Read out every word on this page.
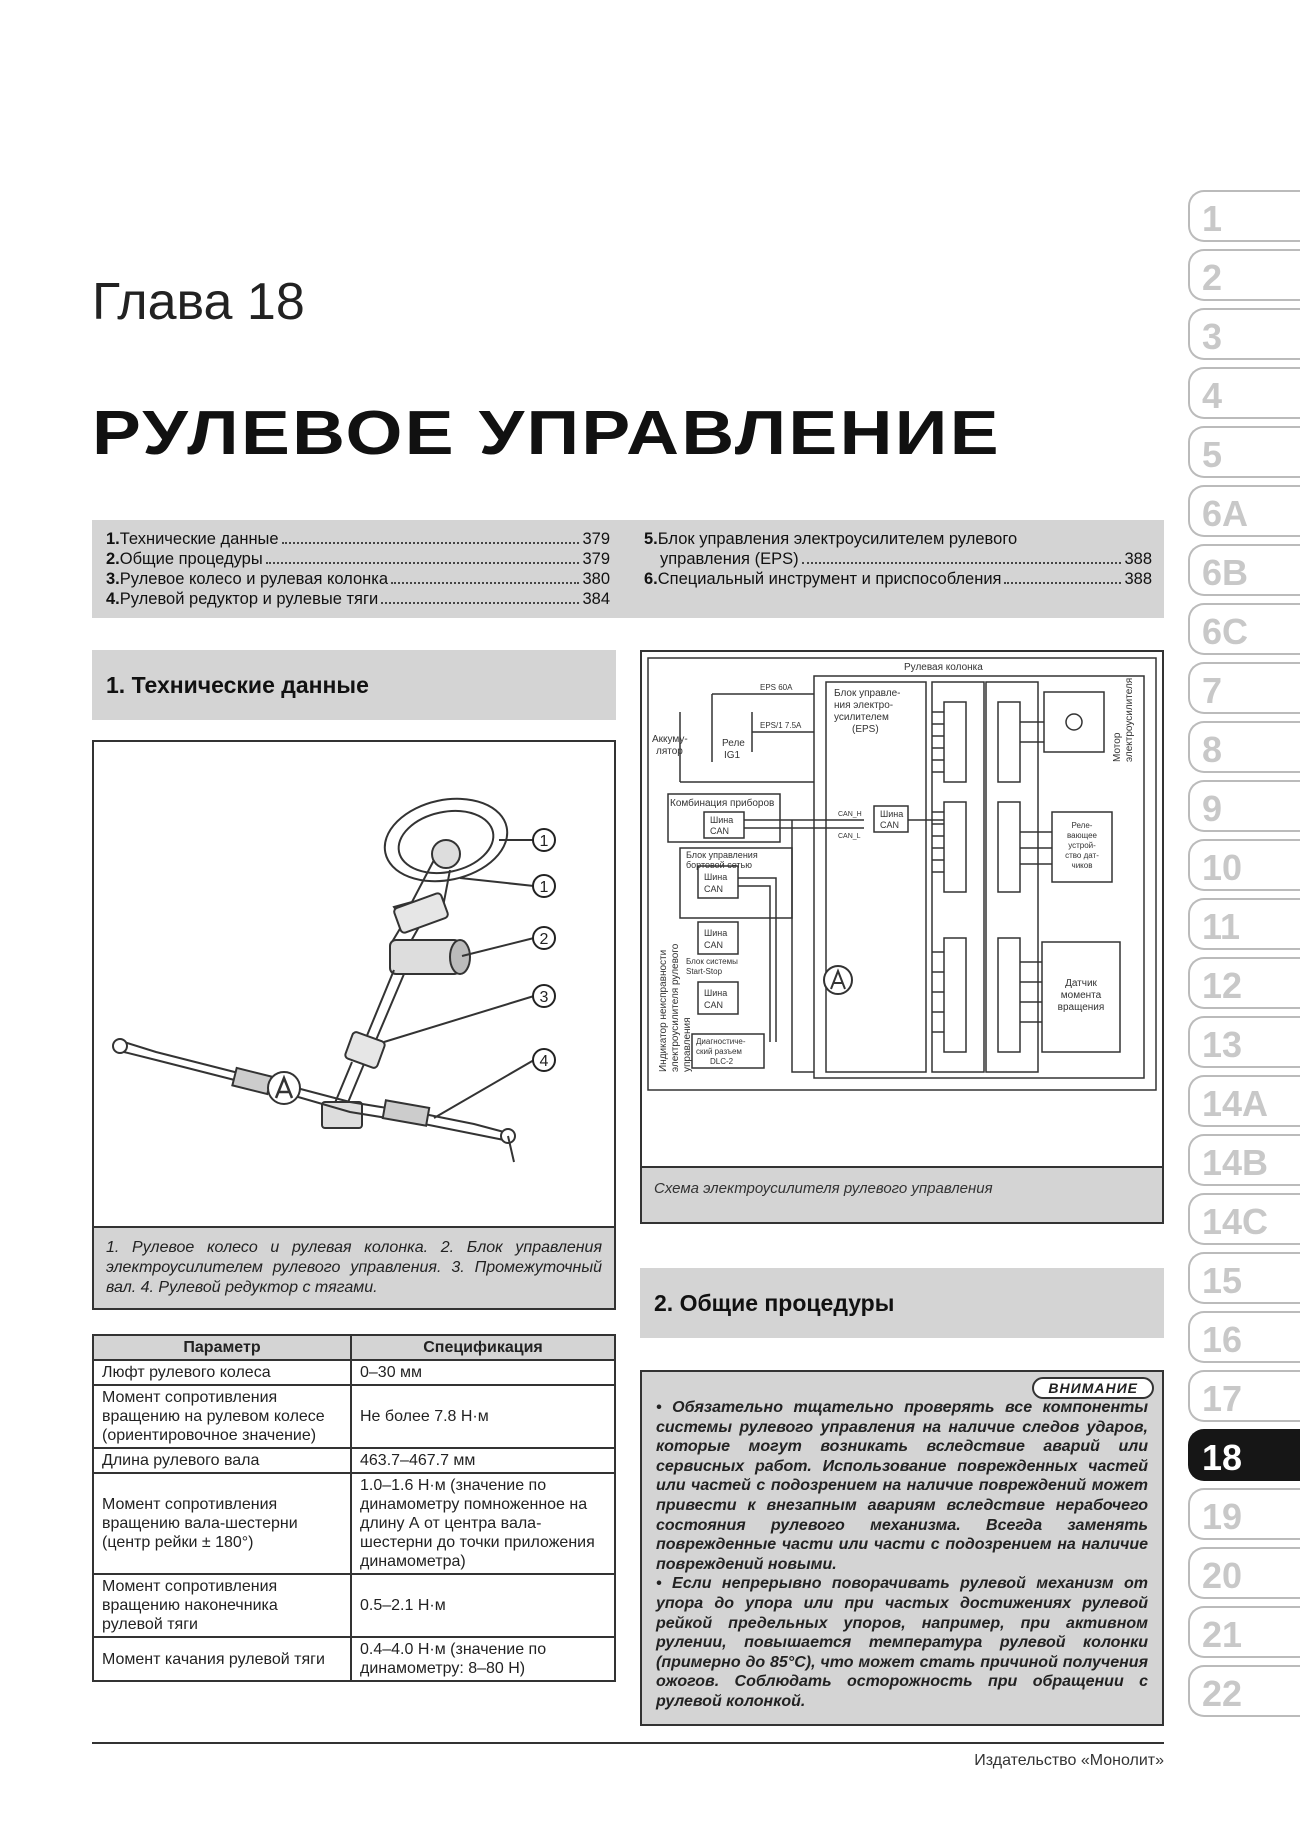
Глава 18
РУЛЕВОЕ УПРАВЛЕНИЕ
1. Технические данные	379
2. Общие процедуры	379
3. Рулевое колесо и рулевая колонка	380
4. Рулевой редуктор и рулевые тяги	384
5. Блок управления электроусилителем рулевого
управления (EPS)	388
6. Специальный инструмент и приспособления	388
1. Технические данные
1
1
2
3
4
1. Рулевое колесо и рулевая колонка. 2. Блок управления электроусилителем рулевого управления. 3. Промежуточный вал. 4. Рулевой редуктор с тягами.
Рулевая колонка
Блок управле-
ния электро-
усилителем
(EPS)
EPS 60A
EPS/1 7.5A
Аккуму-
лятор
Реле
IG1
Комбинация приборов
Шина
CAN
Шина
CAN
CAN_H
CAN_L
Блок управления
бортовой сетью
Шина
CAN
Шина
CAN
Блок системы
Start-Stop
Шина
CAN
Диагностиче-
ский разъем
DLC-2
Индикатор неисправности электроусилителя рулевого управления
Мотор электроусилителя
Реле-
вающее
устрой-
ство дат-
чиков
Датчик
момента
вращения
Схема электроусилителя рулевого управления
Параметр	Спецификация
Люфт рулевого колеса	0–30 мм
Момент сопротивления вращению на рулевом колесе (ориентировочное значение)	Не более 7.8 Н·м
Длина рулевого вала	463.7–467.7 мм
Момент сопротивления вращению вала-шестерни (центр рейки ± 180°)	1.0–1.6 Н·м (значение по динамометру помноженное на длину А от центра вала-шестерни до точки приложения динамометра)
Момент сопротивления вращению наконечника рулевой тяги	0.5–2.1 Н·м
Момент качания рулевой тяги	0.4–4.0 Н·м (значение по динамометру: 8–80 Н)
2. Общие процедуры
ВНИМАНИЕ

• Обязательно тщательно проверять все компоненты системы рулевого управления на наличие следов ударов, которые могут возникать вследствие аварий или сервисных работ. Использование поврежденных частей или частей с подозрением на наличие повреждений может привести к внезапным авариям вследствие нерабочего состояния рулевого механизма. Всегда заменять поврежденные части или части с подозрением на наличие повреждений новыми.

• Если непрерывно поворачивать рулевой механизм от упора до упора или при частых достижениях рулевой рейкой предельных упоров, например, при активном рулении, повышается температура рулевой колонки (примерно до 85°C), что может стать причиной получения ожогов. Соблюдать осторожность при обращении с рулевой колонкой.

Издательство «Монолит»
1
2
3
4
5
6A
6B
6C
7
8
9
10
11
12
13
14A
14B
14C
15
16
17
18
19
20
21
22
